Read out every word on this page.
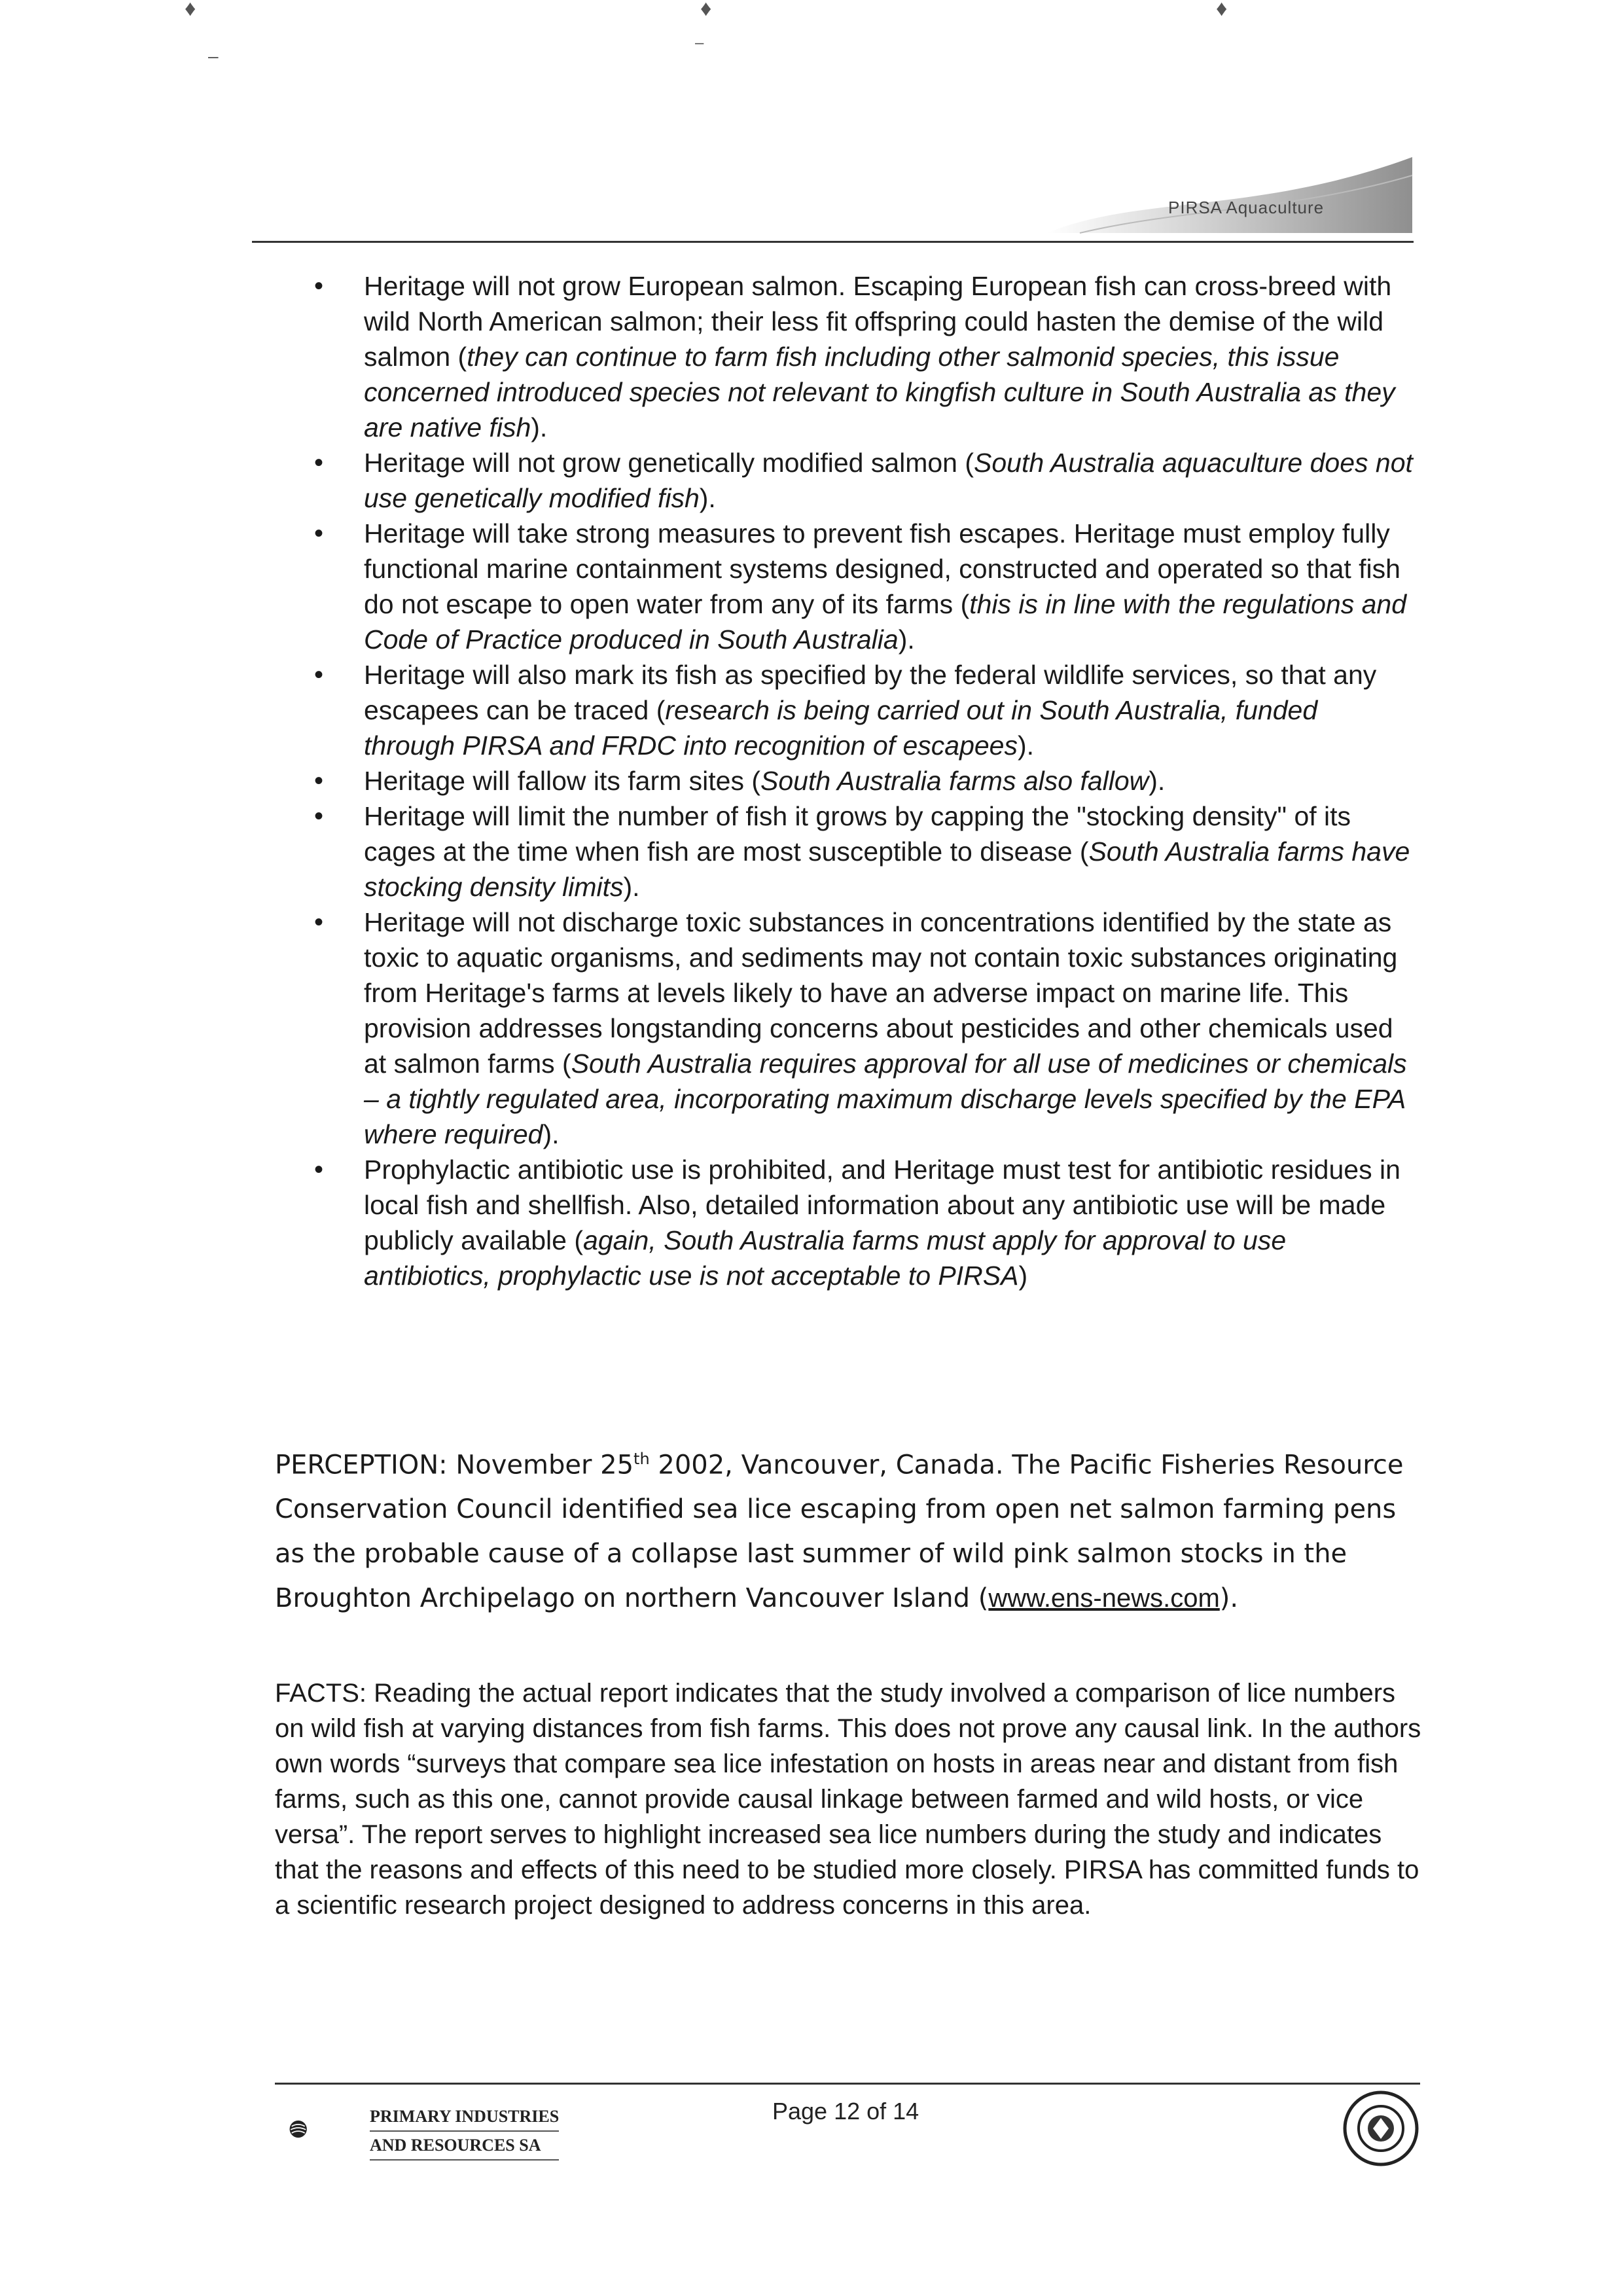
♦	♦	♦
–
–
PIRSA Aquaculture
• Heritage will not grow European salmon. Escaping European fish can cross-breed with wild North American salmon; their less fit offspring could hasten the demise of the wild salmon (they can continue to farm fish including other salmonid species, this issue concerned introduced species not relevant to kingfish culture in South Australia as they are native fish).
• Heritage will not grow genetically modified salmon (South Australia aquaculture does not use genetically modified fish).
• Heritage will take strong measures to prevent fish escapes. Heritage must employ fully functional marine containment systems designed, constructed and operated so that fish do not escape to open water from any of its farms (this is in line with the regulations and Code of Practice produced in South Australia).
• Heritage will also mark its fish as specified by the federal wildlife services, so that any escapees can be traced (research is being carried out in South Australia, funded through PIRSA and FRDC into recognition of escapees).
• Heritage will fallow its farm sites (South Australia farms also fallow).
• Heritage will limit the number of fish it grows by capping the "stocking density" of its cages at the time when fish are most susceptible to disease (South Australia farms have stocking density limits).
• Heritage will not discharge toxic substances in concentrations identified by the state as toxic to aquatic organisms, and sediments may not contain toxic substances originating from Heritage's farms at levels likely to have an adverse impact on marine life. This provision addresses longstanding concerns about pesticides and other chemicals used at salmon farms (South Australia requires approval for all use of medicines or chemicals – a tightly regulated area, incorporating maximum discharge levels specified by the EPA where required).
• Prophylactic antibiotic use is prohibited, and Heritage must test for antibiotic residues in local fish and shellfish. Also, detailed information about any antibiotic use will be made publicly available (again, South Australia farms must apply for approval to use antibiotics, prophylactic use is not acceptable to PIRSA)

PERCEPTION: November 25th 2002, Vancouver, Canada. The Pacific Fisheries Resource Conservation Council identified sea lice escaping from open net salmon farming pens as the probable cause of a collapse last summer of wild pink salmon stocks in the Broughton Archipelago on northern Vancouver Island (www.ens-news.com).

FACTS: Reading the actual report indicates that the study involved a comparison of lice numbers on wild fish at varying distances from fish farms. This does not prove any causal link. In the authors own words “surveys that compare sea lice infestation on hosts in areas near and distant from fish farms, such as this one, cannot provide causal linkage between farmed and wild hosts, or vice versa”. The report serves to highlight increased sea lice numbers during the study and indicates that the reasons and effects of this need to be studied more closely. PIRSA has committed funds to a scientific research project designed to address concerns in this area.

PRIMARY INDUSTRIES
AND RESOURCES SA
Page 12 of 14
